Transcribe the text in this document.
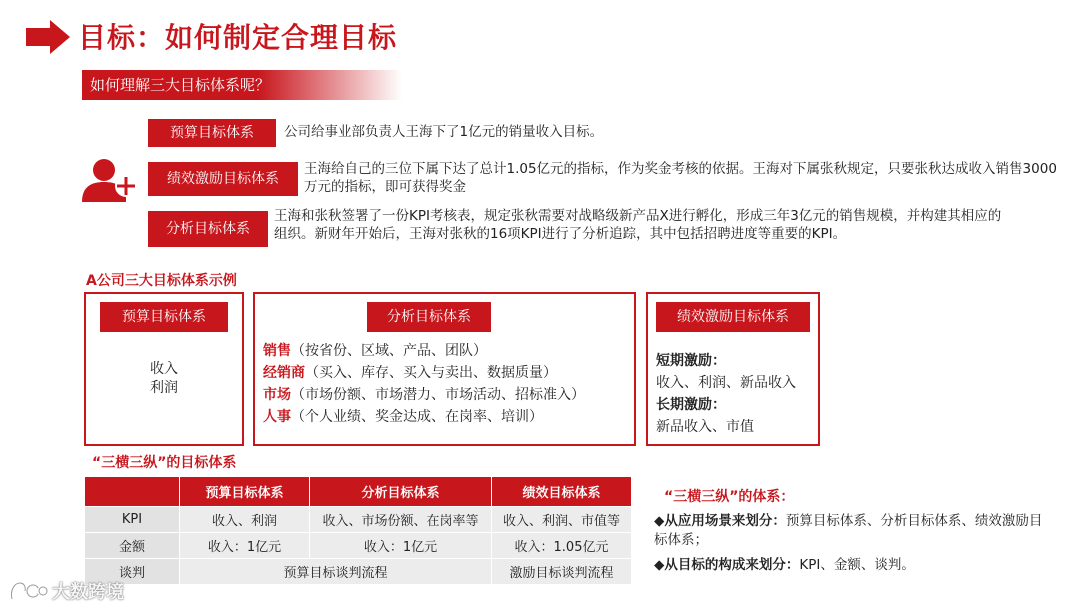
目标：如何制定合理目标
如何理解三大目标体系呢？
预算目标体系	公司给事业部负责人王海下了1亿元的销量收入目标。
绩效激励目标体系
王海给自己的三位下属下达了总计1.05亿元的指标，作为奖金考核的依据。王海对下属张秋规定，只要张秋达成收入销售3000万元的指标，即可获得奖金
分析目标体系
王海和张秋签署了一份KPI考核表，规定张秋需要对战略级新产品X进行孵化，形成三年3亿元的销售规模，并构建其相应的组织。新财年开始后，王海对张秋的16项KPI进行了分析追踪，其中包括招聘进度等重要的KPI。
A公司三大目标体系示例
预算目标体系
收入
利润
分析目标体系
销售（按省份、区域、产品、团队）
经销商（买入、库存、买入与卖出、数据质量）
市场（市场份额、市场潜力、市场活动、招标准入）
人事（个人业绩、奖金达成、在岗率、培训）
绩效激励目标体系
短期激励：
收入、利润、新品收入
长期激励：
新品收入、市值
“三横三纵”的目标体系
	预算目标体系	分析目标体系	绩效目标体系
KPI	收入、利润	收入、市场份额、在岗率等	收入、利润、市值等
金额	收入：1亿元	收入：1亿元	收入：1.05亿元
谈判	预算目标谈判流程		激励目标谈判流程
“三横三纵”的体系：
◆从应用场景来划分：预算目标体系、分析目标体系、绩效激励目标体系；
◆从目标的构成来划分：KPI、金额、谈判。
大数跨境
